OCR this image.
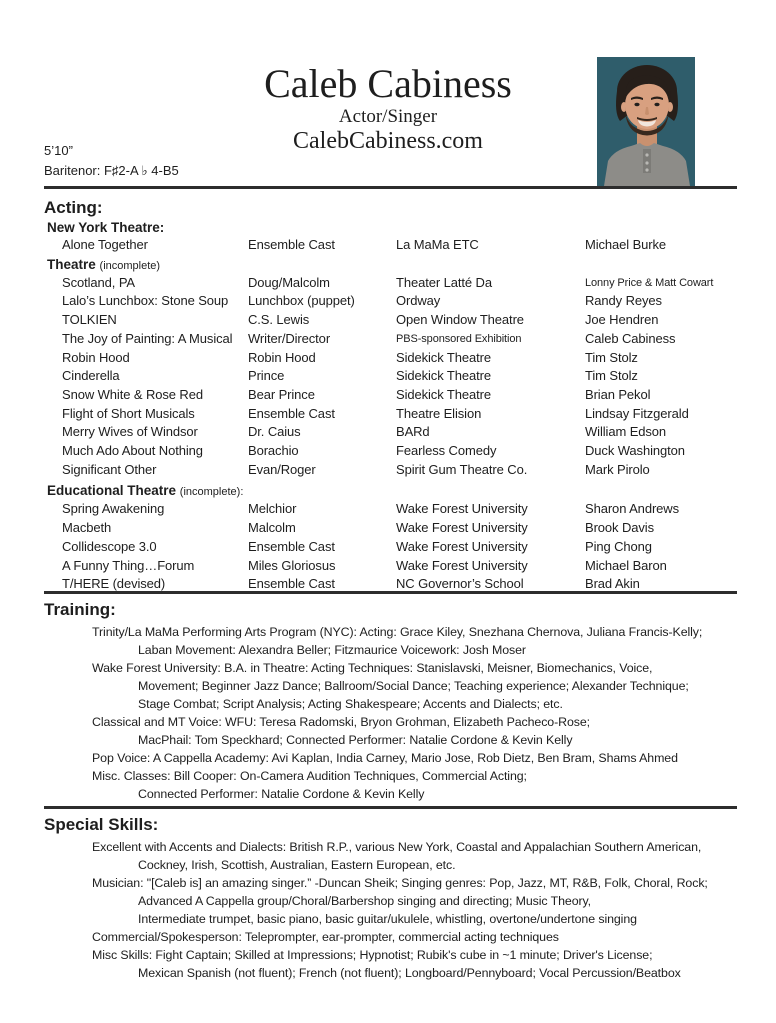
Caleb Cabiness
Actor/Singer
CalebCabiness.com
5’10”
Baritenor: F♯2-A ♭ 4-B5
Acting:
New York Theatre:
Alone Together	Ensemble Cast	La MaMa ETC	Michael Burke
Theatre (incomplete)
Scotland, PA	Doug/Malcolm	Theater Latté Da	Lonny Price & Matt Cowart
Lalo’s Lunchbox: Stone Soup	Lunchbox (puppet)	Ordway	Randy Reyes
TOLKIEN	C.S. Lewis	Open Window Theatre	Joe Hendren
The Joy of Painting: A Musical	Writer/Director	PBS-sponsored Exhibition	Caleb Cabiness
Robin Hood	Robin Hood	Sidekick Theatre	Tim Stolz
Cinderella	Prince	Sidekick Theatre	Tim Stolz
Snow White & Rose Red	Bear Prince	Sidekick Theatre	Brian Pekol
Flight of Short Musicals	Ensemble Cast	Theatre Elision	Lindsay Fitzgerald
Merry Wives of Windsor	Dr. Caius	BARd	William Edson
Much Ado About Nothing	Borachio	Fearless Comedy	Duck Washington
Significant Other	Evan/Roger	Spirit Gum Theatre Co.	Mark Pirolo
Educational Theatre (incomplete):
Spring Awakening	Melchior	Wake Forest University	Sharon Andrews
Macbeth	Malcolm	Wake Forest University	Brook Davis
Collidescope 3.0	Ensemble Cast	Wake Forest University	Ping Chong
A Funny Thing…Forum	Miles Gloriosus	Wake Forest University	Michael Baron
T/HERE (devised)	Ensemble Cast	NC Governor’s School	Brad Akin
Training:
Trinity/La MaMa Performing Arts Program (NYC): Acting: Grace Kiley, Snezhana Chernova, Juliana Francis-Kelly;
Laban Movement: Alexandra Beller; Fitzmaurice Voicework: Josh Moser
Wake Forest University: B.A. in Theatre: Acting Techniques: Stanislavski, Meisner, Biomechanics, Voice,
Movement; Beginner Jazz Dance; Ballroom/Social Dance; Teaching experience; Alexander Technique;
Stage Combat; Script Analysis; Acting Shakespeare; Accents and Dialects; etc.
Classical and MT Voice: WFU: Teresa Radomski, Bryon Grohman, Elizabeth Pacheco-Rose;
MacPhail: Tom Speckhard; Connected Performer: Natalie Cordone & Kevin Kelly
Pop Voice: A Cappella Academy: Avi Kaplan, India Carney, Mario Jose, Rob Dietz, Ben Bram, Shams Ahmed
Misc. Classes: Bill Cooper: On-Camera Audition Techniques, Commercial Acting;
Connected Performer: Natalie Cordone & Kevin Kelly
Special Skills:
Excellent with Accents and Dialects: British R.P., various New York, Coastal and Appalachian Southern American,
Cockney, Irish, Scottish, Australian, Eastern European, etc.
Musician: "[Caleb is] an amazing singer.” -Duncan Sheik; Singing genres: Pop, Jazz, MT, R&B, Folk, Choral, Rock;
Advanced A Cappella group/Choral/Barbershop singing and directing; Music Theory,
Intermediate trumpet, basic piano, basic guitar/ukulele, whistling, overtone/undertone singing
Commercial/Spokesperson: Teleprompter, ear-prompter, commercial acting techniques
Misc Skills: Fight Captain; Skilled at Impressions; Hypnotist; Rubik's cube in ~1 minute; Driver's License;
Mexican Spanish (not fluent); French (not fluent); Longboard/Pennyboard; Vocal Percussion/Beatbox
